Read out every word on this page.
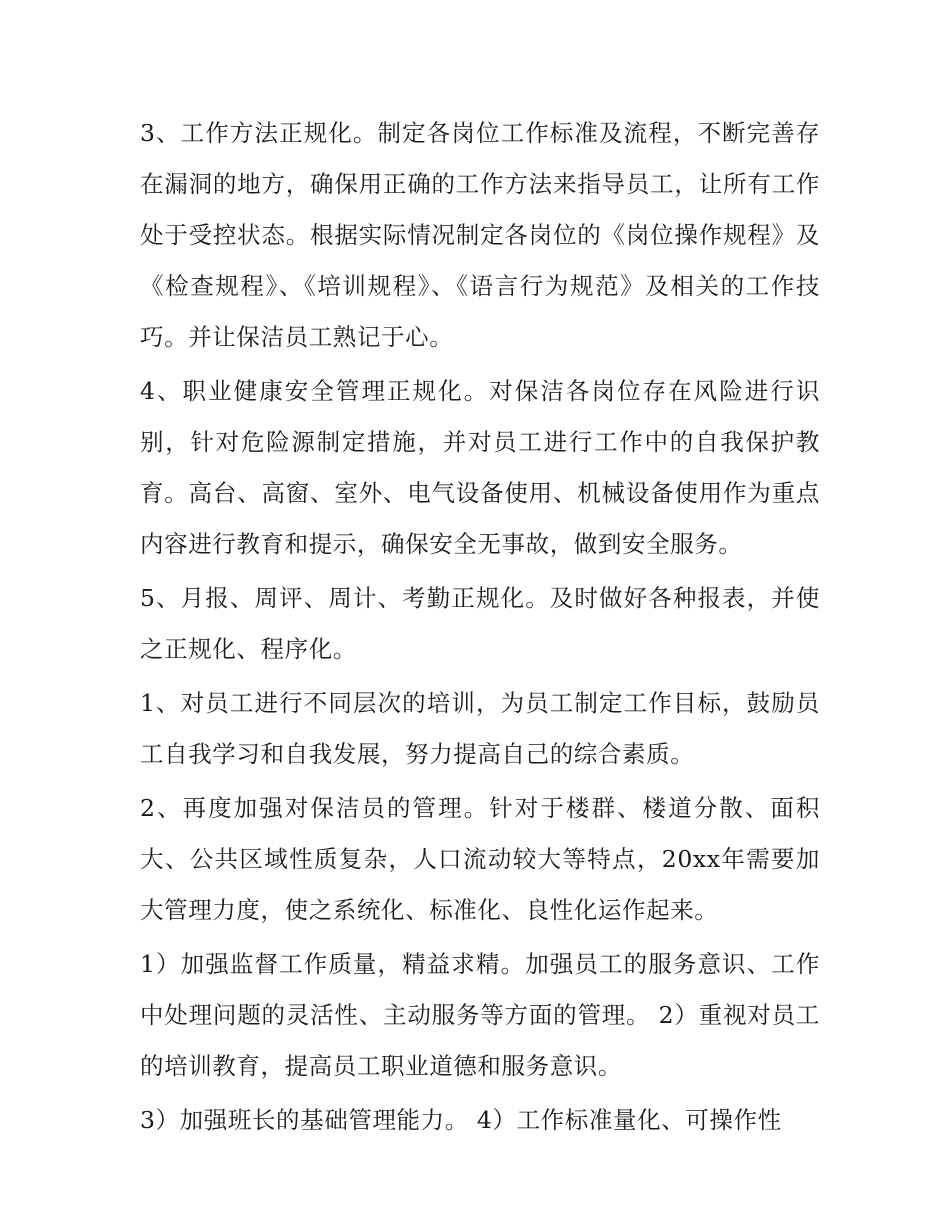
3、工作方法正规化。制定各岗位工作标准及流程，不断完善存在漏洞的地方，确保用正确的工作方法来指导员工，让所有工作处于受控状态。根据实际情况制定各岗位的《岗位操作规程》及《检查规程》、《培训规程》、《语言行为规范》及相关的工作技巧。并让保洁员工熟记于心。

4、职业健康安全管理正规化。对保洁各岗位存在风险进行识别，针对危险源制定措施，并对员工进行工作中的自我保护教育。高台、高窗、室外、电气设备使用、机械设备使用作为重点内容进行教育和提示，确保安全无事故，做到安全服务。

5、月报、周评、周计、考勤正规化。及时做好各种报表，并使之正规化、程序化。

1、对员工进行不同层次的培训，为员工制定工作目标，鼓励员工自我学习和自我发展，努力提高自己的综合素质。

2、再度加强对保洁员的管理。针对于楼群、楼道分散、面积大、公共区域性质复杂，人口流动较大等特点，20xx年需要加大管理力度，使之系统化、标准化、良性化运作起来。

1）加强监督工作质量，精益求精。加强员工的服务意识、工作中处理问题的灵活性、主动服务等方面的管理。 2）重视对员工的培训教育，提高员工职业道德和服务意识。

3）加强班长的基础管理能力。 4）工作标准量化、可操作性
